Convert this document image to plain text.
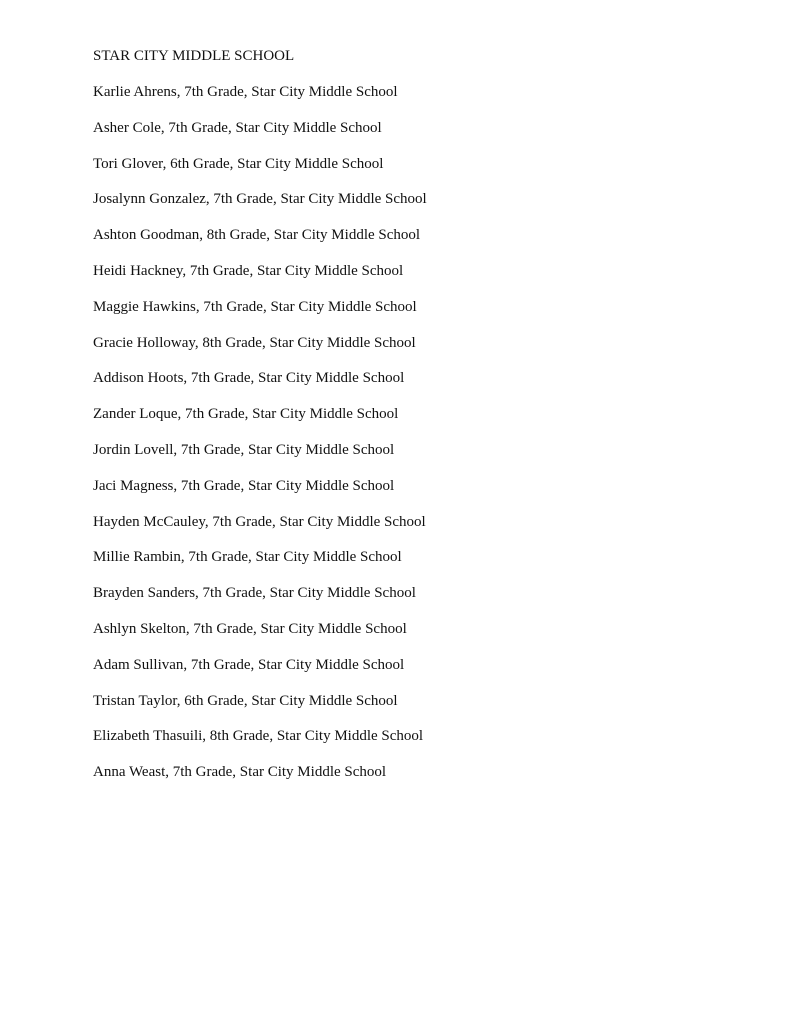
STAR CITY MIDDLE SCHOOL
Karlie Ahrens, 7th Grade, Star City Middle School
Asher Cole, 7th Grade, Star City Middle School
Tori Glover, 6th Grade, Star City Middle School
Josalynn Gonzalez, 7th Grade, Star City Middle School
Ashton Goodman, 8th Grade, Star City Middle School
Heidi Hackney, 7th Grade, Star City Middle School
Maggie Hawkins, 7th Grade, Star City Middle School
Gracie Holloway, 8th Grade, Star City Middle School
Addison Hoots, 7th Grade, Star City Middle School
Zander Loque, 7th Grade, Star City Middle School
Jordin Lovell, 7th Grade, Star City Middle School
Jaci Magness, 7th Grade, Star City Middle School
Hayden McCauley, 7th Grade, Star City Middle School
Millie Rambin, 7th Grade, Star City Middle School
Brayden Sanders, 7th Grade, Star City Middle School
Ashlyn Skelton, 7th Grade, Star City Middle School
Adam Sullivan, 7th Grade, Star City Middle School
Tristan Taylor, 6th Grade, Star City Middle School
Elizabeth Thasuili, 8th Grade, Star City Middle School
Anna Weast, 7th Grade, Star City Middle School
